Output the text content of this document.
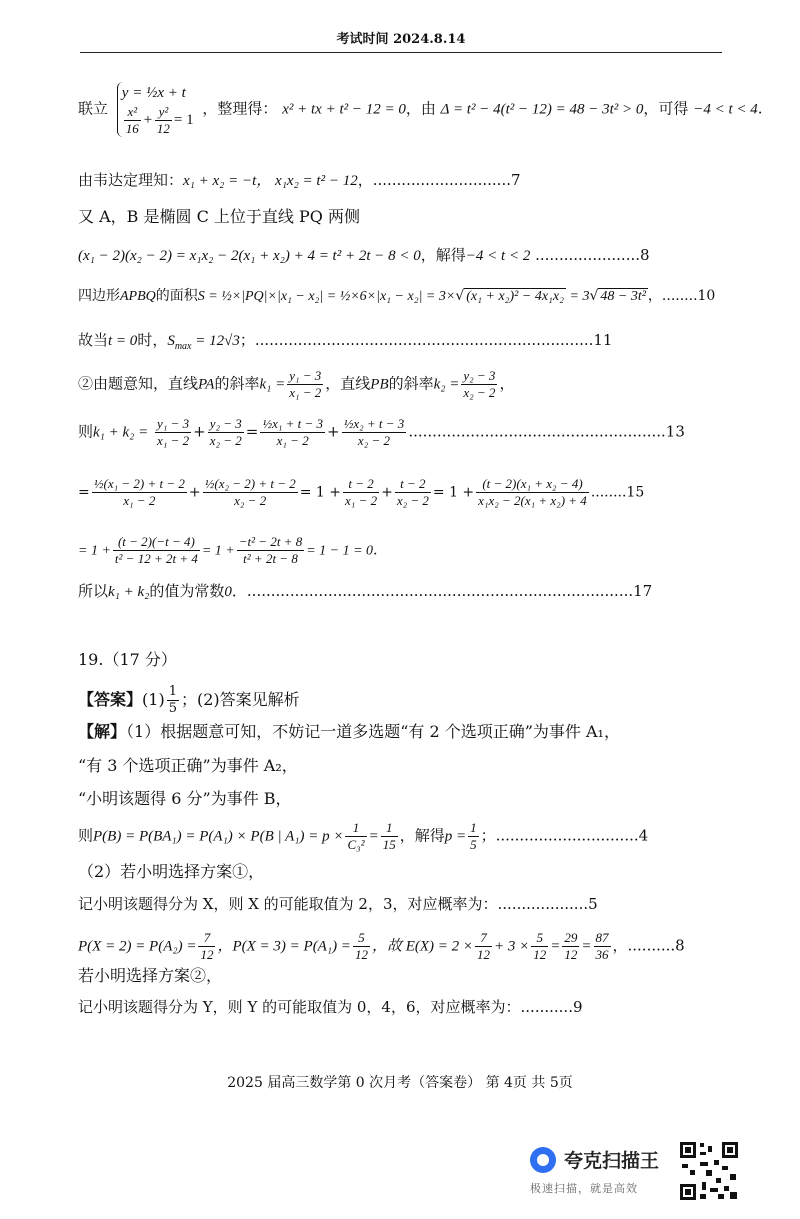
考试时间 2024.8.14
联立
y = ½x + t
$\frac{\text{x²}}{16} + \frac{\text{y²}}{12} = 1$
，整理得： x² + tx + t² − 12 = 0，由 Δ = t² − 4(t² − 12) = 48 − 3t² > 0，可得 −4 < t < 4.
由韦达定理知：x₁ + x₂ = −t， x₁x₂ = t² − 12，.............................7
又 A，B 是椭圆 C 上位于直线 PQ 两侧
(x₁ − 2)(x₂ − 2) = x₁x₂ − 2(x₁ + x₂) + 4 = t² + 2t − 8 < 0，解得−4 < t < 2 ......................8
四边形APBQ的面积S = ½×|PQ|×|x₁ − x₂| = ½×6×|x₁ − x₂| = 3×√ (x₁ + x₂)² − 4x₁x₂ = 3√ 48 − 3t² ，........10
故当t = 0时，$S_{max} = 12√3$；.......................................................................11
②由题意知，直线PA的斜率$k_1 = \frac{\text{y₁ − 3}}{\text{x₁ − 2}}$ ，直线PB的斜率$k_2 = \frac{\text{y₂ − 3}}{\text{x₂ − 2}}$ ，
则$k_1 + k_2 = \frac{\text{y₁ − 3}}{\text{x₁ − 2}} + \frac{\text{y₂ − 3}}{\text{x₂ − 2}} = \frac{\text{½x₁ + t − 3}}{\text{x₁ − 2}} + \frac{\text{½x₂ + t − 3}}{\text{x₂ − 2}} ......................................................13$
= $\frac{\text{½(x₁ − 2) + t − 2}}{\text{x₁ − 2}} + \frac{\text{½(x₂ − 2) + t − 2}}{\text{x₂ − 2}} = 1 + \frac{t - 2}{\text{x₁ − 2}} + \frac{t - 2}{\text{x₂ − 2}} = 1 + \frac{\text{(t − 2)(x₁ + x₂ − 4)}}{\text{x₁x₂ − 2(x₁ + x₂) + 4}} ........15$
= $1 + \frac{(t - 2)(-t - 4)}{\text{t² − 12 + 2t + 4}} = 1 + \frac{\text{−t² − 2t + 8}}{\text{t² + 2t − 8}} = 1 - 1 = 0$．
所以k₁ + k₂的值为常数0．.................................................................................17
19.（17 分）
【答案】$(1) \frac{1}{5}$ ；(2)答案见解析
【解】（1）根据题意可知，不妨记一道多选题“有 2 个选项正确”为事件 A₁，
“有 3 个选项正确”为事件 A₂，
“小明该题得 6 分”为事件 B，
则P(B) = P(BA₁) = P(A₁) × P(B | $A_1) = p \times \frac{1}{\text{C₃²}} = \frac{1}{15}$ ，解得$p = \frac{1}{5}$ ；..............................4
（2）若小明选择方案①，
记小明该题得分为 X，则 X 的可能取值为 2，3，对应概率为：...................5
$P(X = 2) = P(A_2) = \frac{7}{12}$ ，$P(X = 3) = P(A_1) = \frac{5}{12}$ ，故 $E(X) = 2 \times \frac{7}{12} + 3 \times \frac{5}{12} = \frac{29}{12} = \frac{87}{36}$ ，..........8
若小明选择方案②，
记小明该题得分为 Y，则 Y 的可能取值为 0，4，6，对应概率为：...........9
2025 届高三数学第 0 次月考（答案卷） 第 4页 共 5页
夸克扫描王
极速扫描，就是高效
